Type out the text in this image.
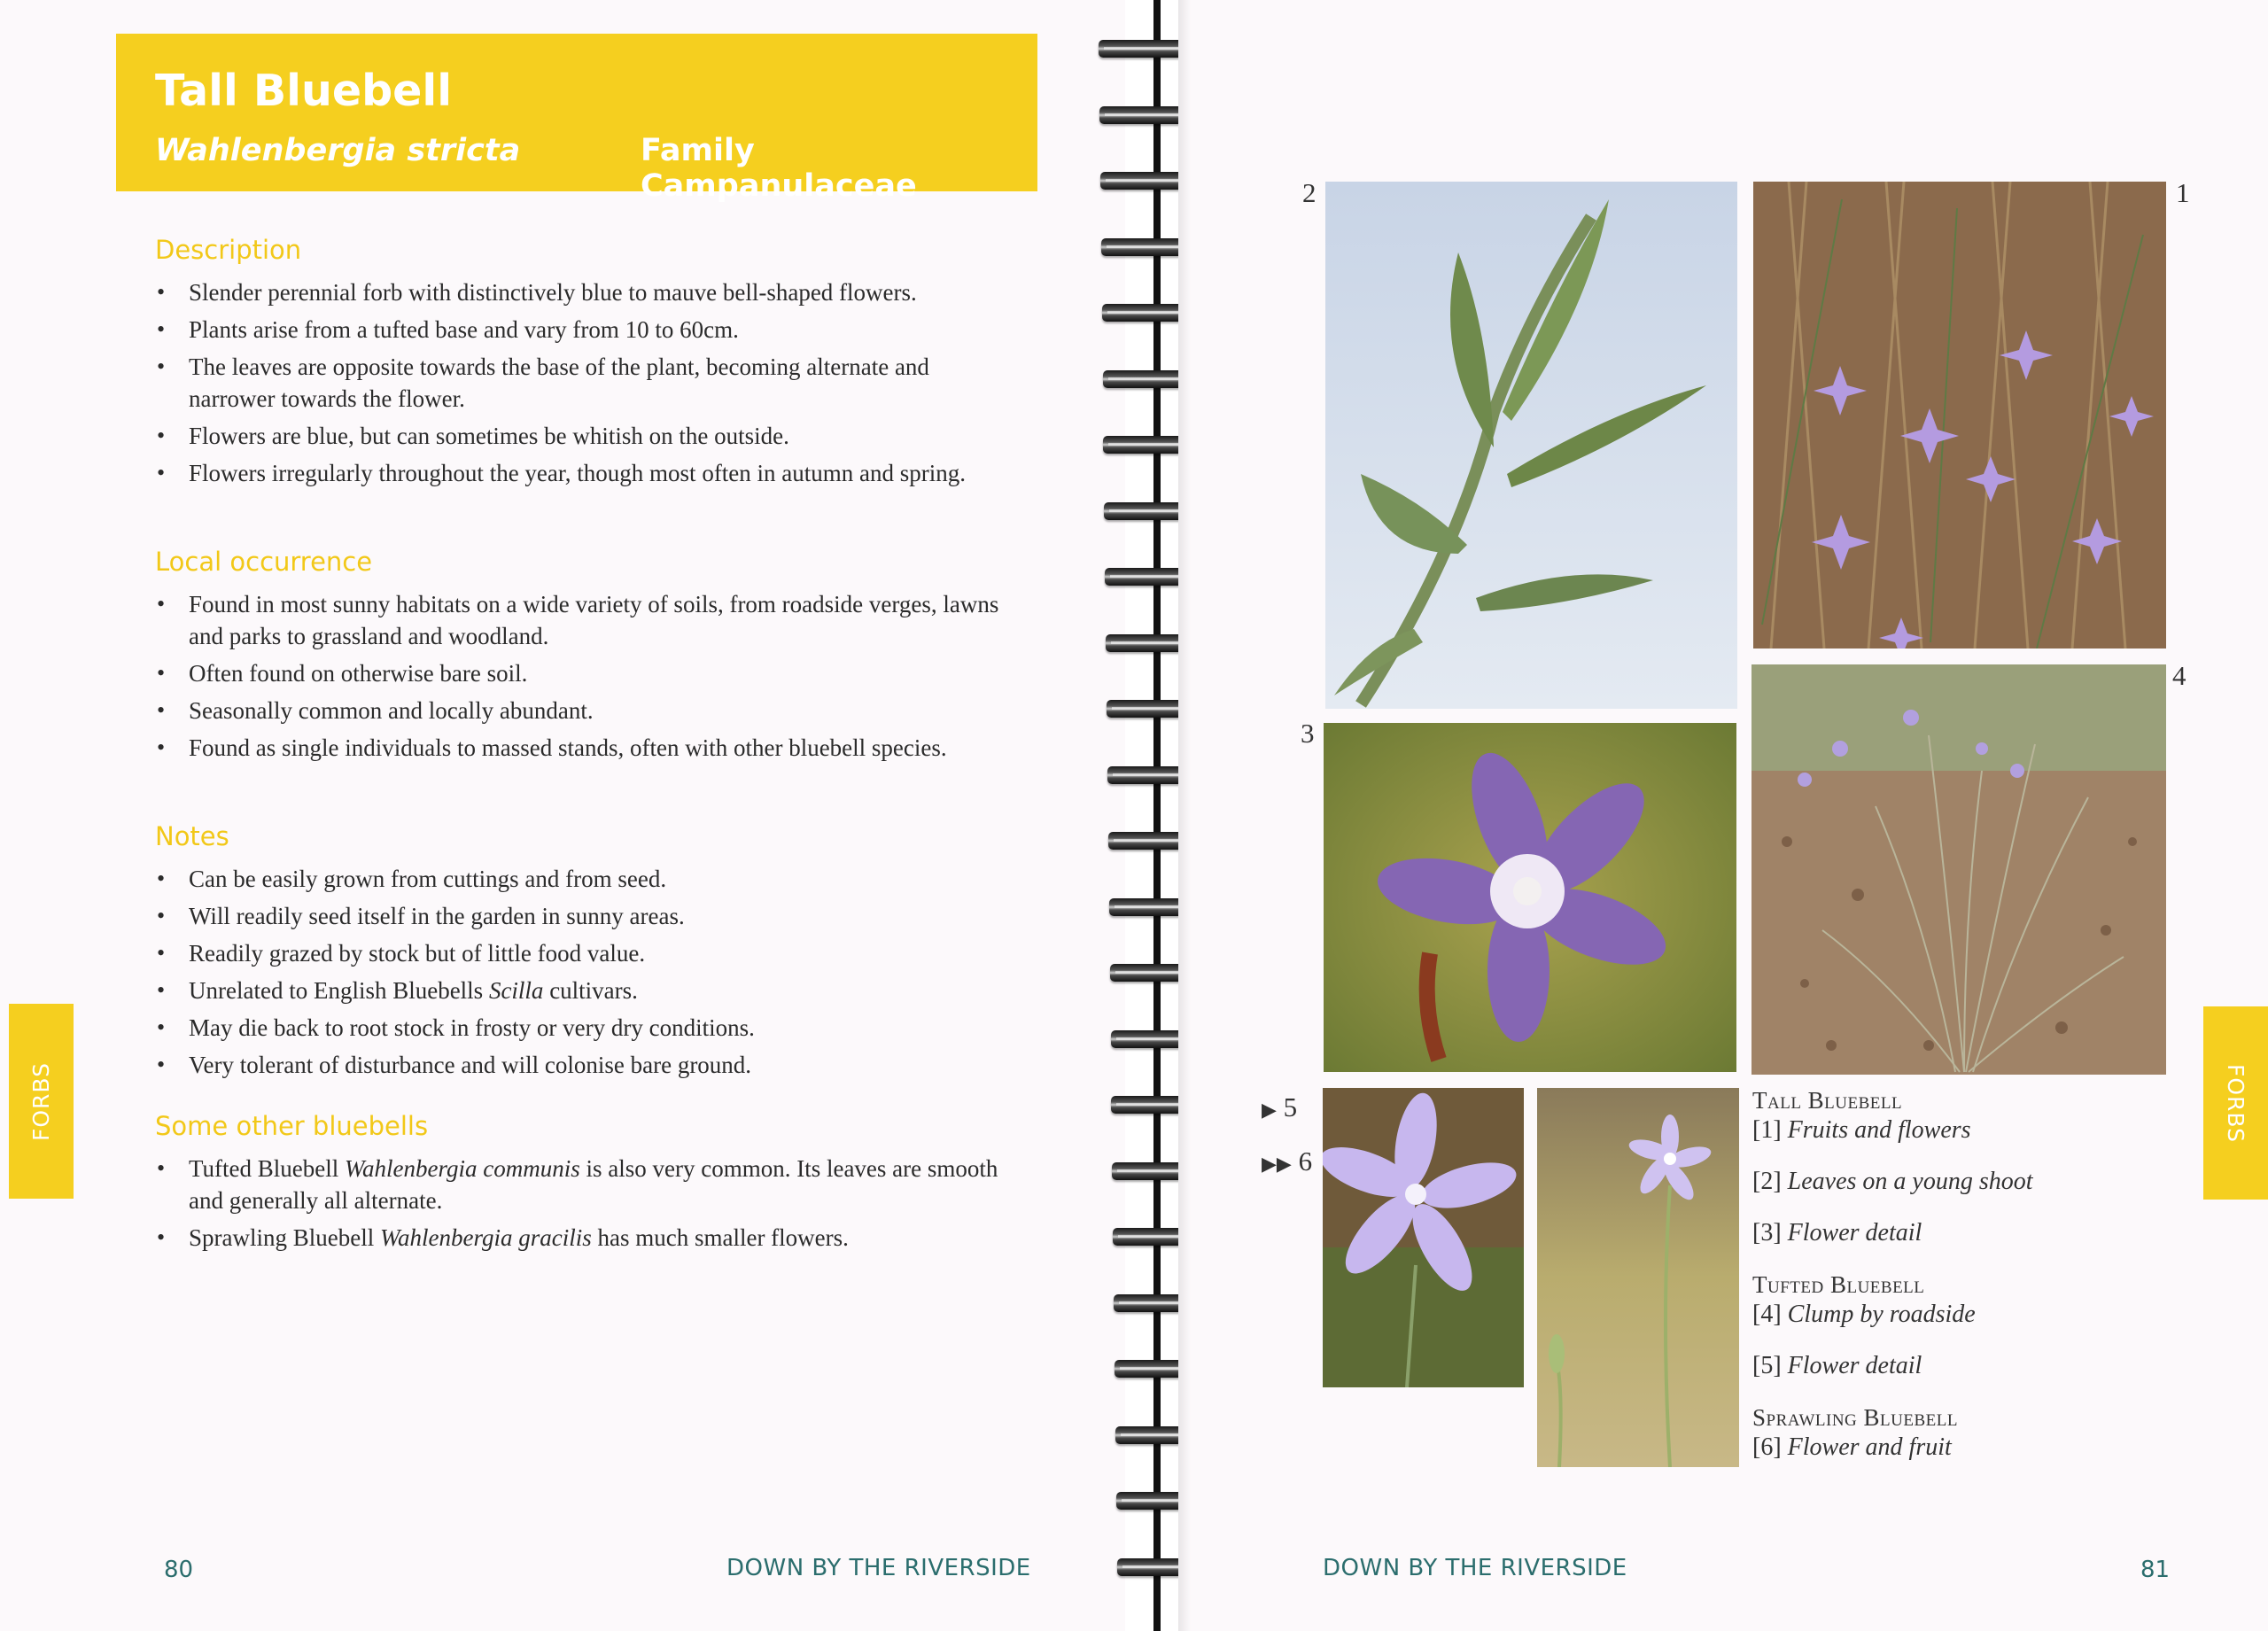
Tall Bluebell
Wahlenbergia stricta	Family Campanulaceae
Description
• Slender perennial forb with distinctively blue to mauve bell-shaped flowers.
• Plants arise from a tufted base and vary from 10 to 60cm.
• The leaves are opposite towards the base of the plant, becoming alternate and narrower towards the flower.
• Flowers are blue, but can sometimes be whitish on the outside.
• Flowers irregularly throughout the year, though most often in autumn and spring.
Local occurrence
• Found in most sunny habitats on a wide variety of soils, from roadside verges, lawns and parks to grassland and woodland.
• Often found on otherwise bare soil.
• Seasonally common and locally abundant.
• Found as single individuals to massed stands, often with other bluebell species.
Notes
• Can be easily grown from cuttings and from seed.
• Will readily seed itself in the garden in sunny areas.
• Readily grazed by stock but of little food value.
• Unrelated to English Bluebells Scilla cultivars.
• May die back to root stock in frosty or very dry conditions.
• Very tolerant of disturbance and will colonise bare ground.
Some other bluebells
• Tufted Bluebell Wahlenbergia communis is also very common. Its leaves are smooth and generally all alternate.
• Sprawling Bluebell Wahlenbergia gracilis has much smaller flowers.
FORBS
80	DOWN BY THE RIVERSIDE
2	1
3
4
▶ 5
▶▶ 6
Tall Bluebell
[1] Fruits and flowers
[2] Leaves on a young shoot
[3] Flower detail
Tufted Bluebell
[4] Clump by roadside
[5] Flower detail
Sprawling Bluebell
[6] Flower and fruit
FORBS
DOWN BY THE RIVERSIDE	81
